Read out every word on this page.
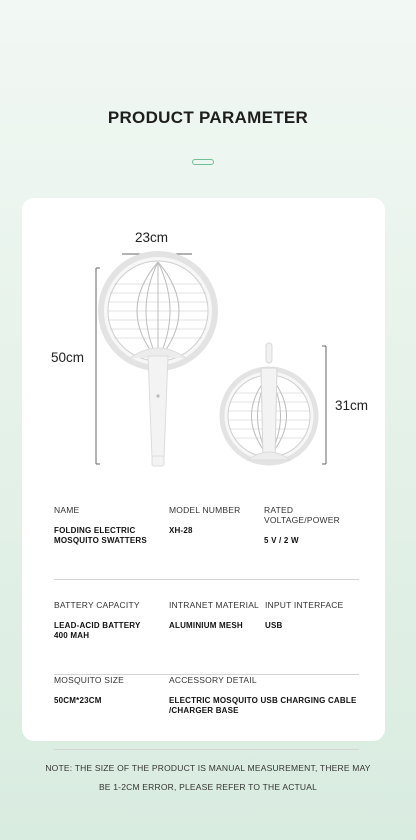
PRODUCT PARAMETER
23cm
50cm
31cm
NAME
FOLDING ELECTRIC
MOSQUITO SWATTERS
MODEL NUMBER
XH-28
RATED VOLTAGE/POWER
5 V / 2 W
BATTERY CAPACITY
LEAD-ACID BATTERY
400 MAH
INTRANET MATERIAL
ALUMINIUM MESH
INPUT INTERFACE
USB
MOSQUITO SIZE
50CM*23CM
ACCESSORY DETAIL
ELECTRIC MOSQUITO USB CHARGING CABLE
/CHARGER BASE
NOTE: THE SIZE OF THE PRODUCT IS MANUAL MEASUREMENT, THERE MAY
BE 1-2CM ERROR, PLEASE REFER TO THE ACTUAL
